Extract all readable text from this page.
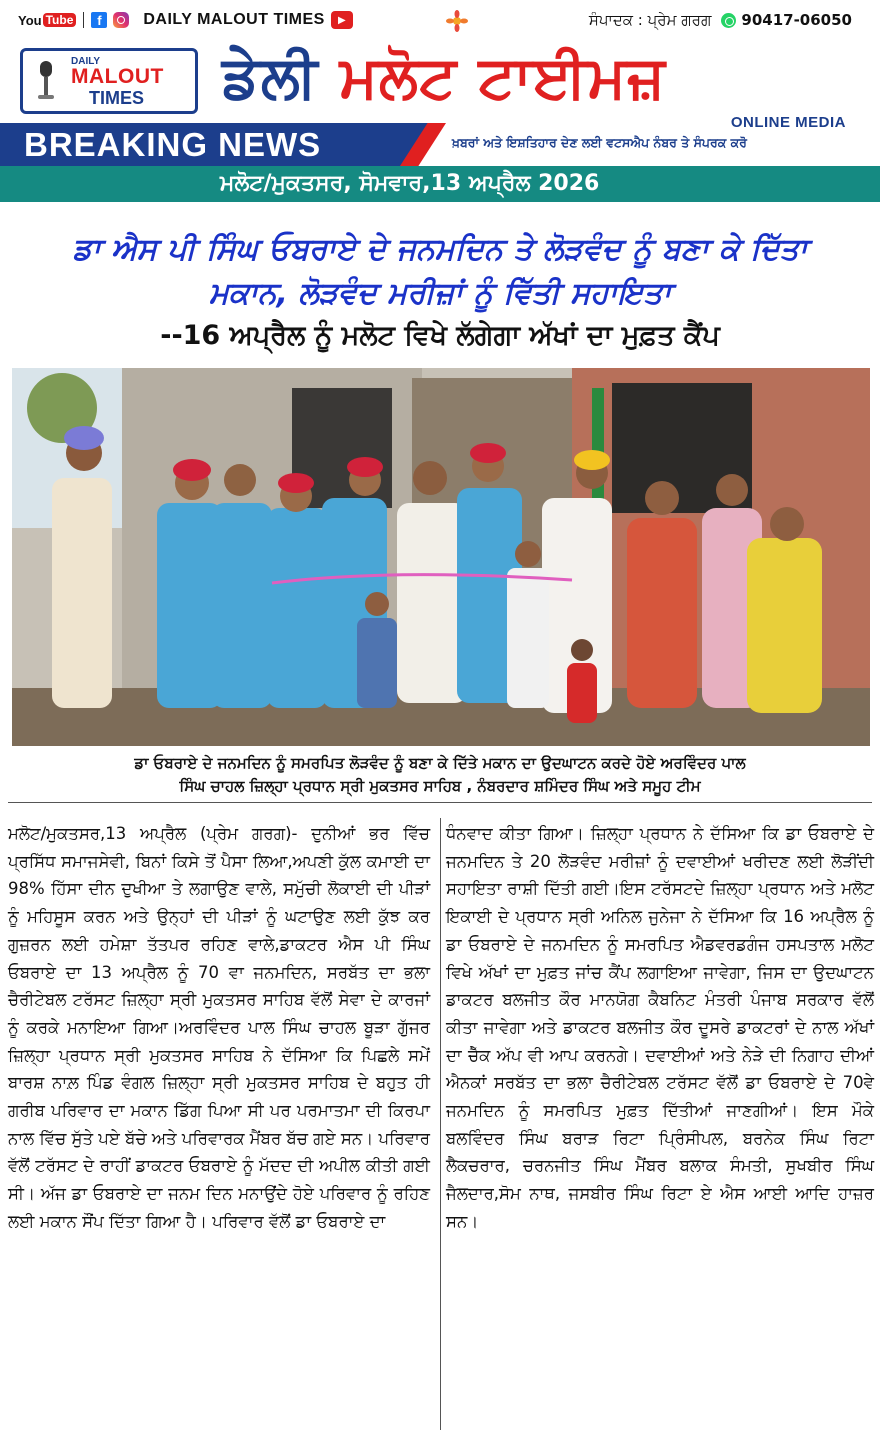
You Tube	f	DAILY MALOUT TIMES	▶	ਸੰਪਾਦਕ : ਪ੍ਰੇਮ ਗਰਗ 90417-06050
DAILY
MALOUT
TIMES ਡੇਲੀ ਮਲੋਟ ਟਾਈਮਜ਼
ONLINE MEDIA
BREAKING NEWS	ਖ਼ਬਰਾਂ ਅਤੇ ਇਸ਼ਤਿਹਾਰ ਦੇਣ ਲਈ ਵਟਸਐਪ ਨੰਬਰ ਤੇ ਸੰਪਰਕ ਕਰੋ
ਮਲੋਟ/ਮੁਕਤਸਰ, ਸੋਮਵਾਰ,13 ਅਪ੍ਰੈਲ 2026
ਡਾ ਐਸ ਪੀ ਸਿੰਘ ਓਬਰਾਏ ਦੇ ਜਨਮਦਿਨ ਤੇ ਲੋੜਵੰਦ ਨੂੰ ਬਣਾ ਕੇ ਦਿੱਤਾ
ਮਕਾਨ, ਲੋੜਵੰਦ ਮਰੀਜ਼ਾਂ ਨੂੰ ਵਿੱਤੀ ਸਹਾਇਤਾ
--16 ਅਪ੍ਰੈਲ ਨੂੰ ਮਲੋਟ ਵਿਖੇ ਲੱਗੇਗਾ ਅੱਖਾਂ ਦਾ ਮੁਫ਼ਤ ਕੈਂਪ
ਡਾ ਓਬਰਾਏ ਦੇ ਜਨਮਦਿਨ ਨੂੰ ਸਮਰਪਿਤ ਲੋੜਵੰਦ ਨੂੰ ਬਣਾ ਕੇ ਦਿੱਤੇ ਮਕਾਨ ਦਾ ਉਦਘਾਟਨ ਕਰਦੇ ਹੋਏ ਅਰਵਿੰਦਰ ਪਾਲ
ਸਿੰਘ ਚਾਹਲ ਜ਼ਿਲ੍ਹਾ ਪ੍ਰਧਾਨ ਸ੍ਰੀ ਮੁਕਤਸਰ ਸਾਹਿਬ , ਨੰਬਰਦਾਰ ਸ਼ਮਿੰਦਰ ਸਿੰਘ ਅਤੇ ਸਮੂਹ ਟੀਮ
ਮਲੋਟ/ਮੁਕਤਸਰ,13 ਅਪ੍ਰੈਲ (ਪ੍ਰੇਮ ਗਰਗ)- ਦੁਨੀਆਂ ਭਰ ਵਿੱਚ ਪ੍ਰਸਿੱਧ ਸਮਾਜਸੇਵੀ, ਬਿਨਾਂ ਕਿਸੇ ਤੋਂ ਪੈਸਾ ਲਿਆ,ਅਪਣੀ ਕੁੱਲ ਕਮਾਈ ਦਾ 98% ਹਿੱਸਾ ਦੀਨ ਦੁਖੀਆ ਤੇ ਲਗਾਉਣ ਵਾਲੇ, ਸਮੁੱਚੀ ਲੋਕਾਈ ਦੀ ਪੀੜਾਂ ਨੂੰ ਮਹਿਸੂਸ ਕਰਨ ਅਤੇ ਉਨ੍ਹਾਂ ਦੀ ਪੀੜਾਂ ਨੂੰ ਘਟਾਉਣ ਲਈ ਕੁੱਝ ਕਰ ਗੁਜ਼ਰਨ ਲਈ ਹਮੇਸ਼ਾ ਤੱਤਪਰ ਰਹਿਣ ਵਾਲੇ,ਡਾਕਟਰ ਐਸ ਪੀ ਸਿੰਘ ਓਬਰਾਏ ਦਾ 13 ਅਪ੍ਰੈਲ ਨੂੰ 70 ਵਾ ਜਨਮਦਿਨ, ਸਰਬੱਤ ਦਾ ਭਲਾ ਚੈਰੀਟੇਬਲ ਟਰੱਸਟ ਜ਼ਿਲ੍ਹਾ ਸ੍ਰੀ ਮੁਕਤਸਰ ਸਾਹਿਬ ਵੱਲੋਂ ਸੇਵਾ ਦੇ ਕਾਰਜਾਂ ਨੂੰ ਕਰਕੇ ਮਨਾਇਆ ਗਿਆ।ਅਰਵਿੰਦਰ ਪਾਲ ਸਿੰਘ ਚਾਹਲ ਬੂੜਾ ਗੁੱਜਰ ਜ਼ਿਲ੍ਹਾ ਪ੍ਰਧਾਨ ਸ੍ਰੀ ਮੁਕਤਸਰ ਸਾਹਿਬ ਨੇ ਦੱਸਿਆ ਕਿ ਪਿਛਲੇ ਸਮੇਂ ਬਾਰਸ਼ ਨਾਲ਼ ਪਿੰਡ ਵੰਗਲ ਜ਼ਿਲ੍ਹਾ ਸ੍ਰੀ ਮੁਕਤਸਰ ਸਾਹਿਬ ਦੇ ਬਹੁਤ ਹੀ ਗਰੀਬ ਪਰਿਵਾਰ ਦਾ ਮਕਾਨ ਡਿੱਗ ਪਿਆ ਸੀ ਪਰ ਪਰਮਾਤਮਾ ਦੀ ਕਿਰਪਾ ਨਾਲ ਵਿੱਚ ਸੁੱਤੇ ਪਏ ਬੱਚੇ ਅਤੇ ਪਰਿਵਾਰਕ ਮੈਂਬਰ ਬੱਚ ਗਏ ਸਨ। ਪਰਿਵਾਰ ਵੱਲੋਂ ਟਰੱਸਟ ਦੇ ਰਾਹੀਂ ਡਾਕਟਰ ਓਬਰਾਏ ਨੂੰ ਮੱਦਦ ਦੀ ਅਪੀਲ ਕੀਤੀ ਗਈ ਸੀ। ਅੱਜ ਡਾ ਓਬਰਾਏ ਦਾ ਜਨਮ ਦਿਨ ਮਨਾਉਂਦੇ ਹੋਏ ਪਰਿਵਾਰ ਨੂੰ ਰਹਿਣ ਲਈ ਮਕਾਨ ਸੌਂਪ ਦਿੱਤਾ ਗਿਆ ਹੈ। ਪਰਿਵਾਰ ਵੱਲੋਂ ਡਾ ਓਬਰਾਏ ਦਾ
ਧੰਨਵਾਦ ਕੀਤਾ ਗਿਆ। ਜ਼ਿਲ੍ਹਾ ਪ੍ਰਧਾਨ ਨੇ ਦੱਸਿਆ ਕਿ ਡਾ ਓਬਰਾਏ ਦੇ ਜਨਮਦਿਨ ਤੇ 20 ਲੋੜਵੰਦ ਮਰੀਜ਼ਾਂ ਨੂੰ ਦਵਾਈਆਂ ਖਰੀਦਣ ਲਈ ਲੋੜੀਂਦੀ ਸਹਾਇਤਾ ਰਾਸ਼ੀ ਦਿੱਤੀ ਗਈ।ਇਸ ਟਰੱਸਟਦੇ ਜ਼ਿਲ੍ਹਾ ਪ੍ਰਧਾਨ ਅਤੇ ਮਲੋਟ ਇਕਾਈ ਦੇ ਪ੍ਰਧਾਨ ਸ੍ਰੀ ਅਨਿਲ ਜੁਨੇਜਾ ਨੇ ਦੱਸਿਆ ਕਿ 16 ਅਪ੍ਰੈਲ ਨੂੰ ਡਾ ਓਬਰਾਏ ਦੇ ਜਨਮਦਿਨ ਨੂੰ ਸਮਰਪਿਤ ਐਡਵਰਡਗੰਜ ਹਸਪਤਾਲ ਮਲੋਟ ਵਿਖੇ ਅੱਖਾਂ ਦਾ ਮੁਫ਼ਤ ਜਾਂਚ ਕੈਂਪ ਲਗਾਇਆ ਜਾਵੇਗਾ, ਜਿਸ ਦਾ ਉਦਘਾਟਨ ਡਾਕਟਰ ਬਲਜੀਤ ਕੌਰ ਮਾਨਯੋਗ ਕੈਬਨਿਟ ਮੰਤਰੀ ਪੰਜਾਬ ਸਰਕਾਰ ਵੱਲੋਂ ਕੀਤਾ ਜਾਵੇਗਾ ਅਤੇ ਡਾਕਟਰ ਬਲਜੀਤ ਕੌਰ ਦੂਸਰੇ ਡਾਕਟਰਾਂ ਦੇ ਨਾਲ ਅੱਖਾਂ ਦਾ ਚੈੱਕ ਅੱਪ ਵੀ ਆਪ ਕਰਨਗੇ। ਦਵਾਈਆਂ ਅਤੇ ਨੇੜੇ ਦੀ ਨਿਗਾਹ ਦੀਆਂ ਐਨਕਾਂ ਸਰਬੱਤ ਦਾ ਭਲਾ ਚੈਰੀਟੇਬਲ ਟਰੱਸਟ ਵੱਲੋਂ ਡਾ ਓਬਰਾਏ ਦੇ 70ਵੇ ਜਨਮਦਿਨ ਨੂੰ ਸਮਰਪਿਤ ਮੁਫ਼ਤ ਦਿੱਤੀਆਂ ਜਾਣਗੀਆਂ। ਇਸ ਮੌਕੇ ਬਲਵਿੰਦਰ ਸਿੰਘ ਬਰਾੜ ਰਿਟਾ ਪ੍ਰਿੰਸੀਪਲ, ਬਰਨੇਕ ਸਿੰਘ ਰਿਟਾ ਲੈਕਚਰਾਰ, ਚਰਨਜੀਤ ਸਿੰਘ ਮੈਂਬਰ ਬਲਾਕ ਸੰਮਤੀ, ਸੁਖਬੀਰ ਸਿੰਘ ਜੈਲਦਾਰ,ਸੋਮ ਨਾਥ, ਜਸਬੀਰ ਸਿੰਘ ਰਿਟਾ ਏ ਐਸ ਆਈ ਆਦਿ ਹਾਜ਼ਰ ਸਨ।
